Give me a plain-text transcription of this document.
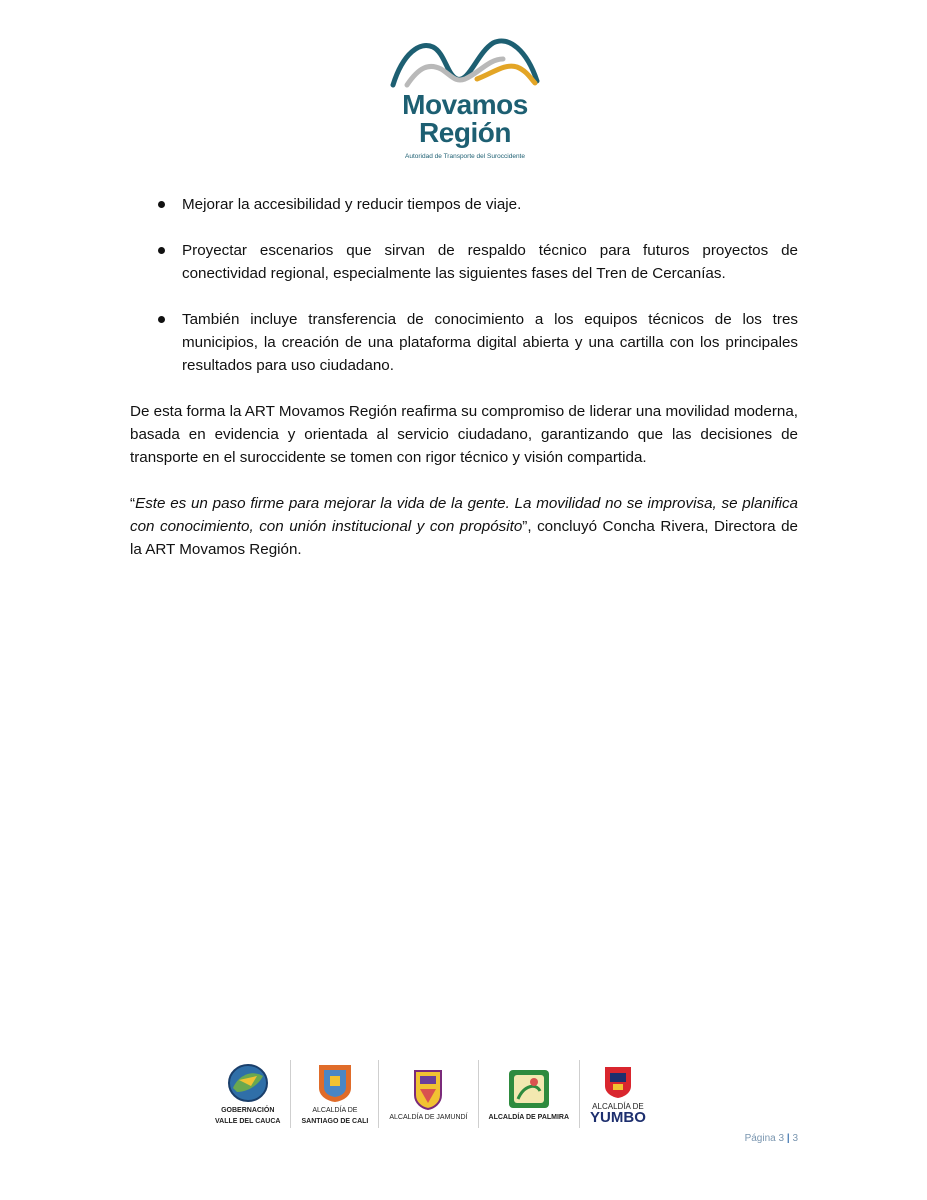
Movamos
Región
Autoridad de Transporte del Suroccidente
Mejorar la accesibilidad y reducir tiempos de viaje.
Proyectar escenarios que sirvan de respaldo técnico para futuros proyectos de conectividad regional, especialmente las siguientes fases del Tren de Cercanías.
También incluye transferencia de conocimiento a los equipos técnicos de los tres municipios, la creación de una plataforma digital abierta y una cartilla con los principales resultados para uso ciudadano.

De esta forma la ART Movamos Región reafirma su compromiso de liderar una movilidad moderna, basada en evidencia y orientada al servicio ciudadano, garantizando que las decisiones de transporte en el suroccidente se tomen con rigor técnico y visión compartida.

“Este es un paso firme para mejorar la vida de la gente. La movilidad no se improvisa, se planifica con conocimiento, con unión institucional y con propósito”, concluyó Concha Rivera, Directora de la ART Movamos Región.

GOBERNACIÓN
VALLE DEL CAUCA
ALCALDÍA DE
SANTIAGO DE CALI
ALCALDÍA DE JAMUNDÍ	ALCALDÍA DE PALMIRA
ALCALDÍA DE
YUMBO
Página 3 | 3
